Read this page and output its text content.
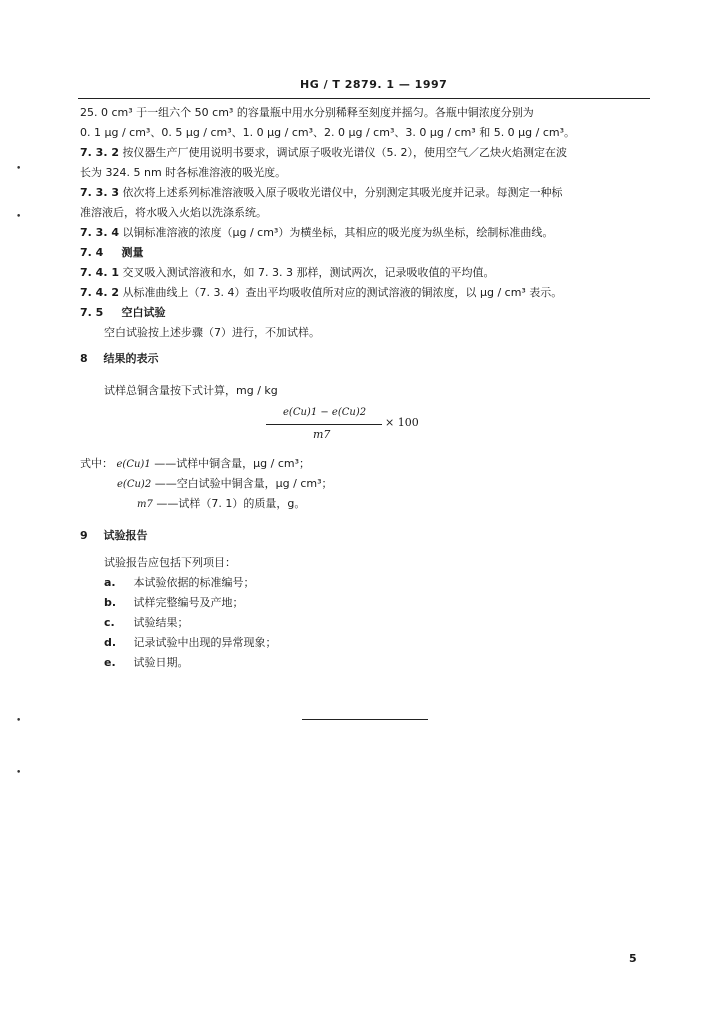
HG / T 2879. 1 — 1997
25. 0 cm³ 于一组六个 50 cm³ 的容量瓶中用水分别稀释至刻度并摇匀。各瓶中铜浓度分别为
0. 1 μg / cm³、0. 5 μg / cm³、1. 0 μg / cm³、2. 0 μg / cm³、3. 0 μg / cm³ 和 5. 0 μg / cm³。
7. 3. 2 按仪器生产厂使用说明书要求，调试原子吸收光谱仪（5. 2），使用空气／乙炔火焰测定在波
长为 324. 5 nm 时各标准溶液的吸光度。
7. 3. 3 依次将上述系列标准溶液吸入原子吸收光谱仪中，分别测定其吸光度并记录。每测定一种标
准溶液后，将水吸入火焰以洗涤系统。
7. 3. 4 以铜标准溶液的浓度（μg / cm³）为横坐标，其相应的吸光度为纵坐标，绘制标准曲线。
7. 4 测量
7. 4. 1 交叉吸入测试溶液和水，如 7. 3. 3 那样，测试两次，记录吸收值的平均值。
7. 4. 2 从标准曲线上（7. 3. 4）查出平均吸收值所对应的测试溶液的铜浓度，以 μg / cm³ 表示。
7. 5 空白试验
空白试验按上述步骤（7）进行，不加试样。
8 结果的表示
试样总铜含量按下式计算，mg / kg
e(Cu)1 − e(Cu)2
m7
× 100
式中： e(Cu)1 ——试样中铜含量，μg / cm³；
e(Cu)2 ——空白试验中铜含量，μg / cm³；
m7 ——试样（7. 1）的质量，g。
9 试验报告
试验报告应包括下列项目：
a. 本试验依据的标准编号；
b. 试样完整编号及产地；
c. 试验结果；
d. 记录试验中出现的异常现象；
e. 试验日期。
5
•
•
•
•
